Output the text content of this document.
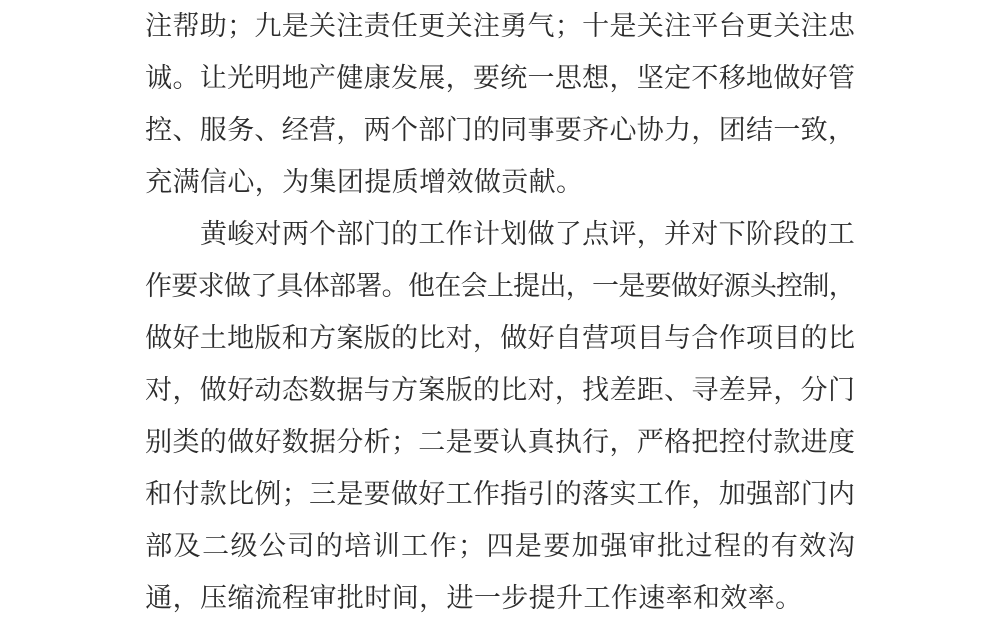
注 帮 助 ； 九 是 关 注 责 任 更 关 注 勇 气 ； 十 是 关 注 平 台 更 关 注 忠
诚 。 让 光 明 地 产 健 康 发 展 ， 要 统 一 思 想 ， 坚 定 不 移 地 做 好 管
控 、 服 务 、 经 营 ， 两 个 部 门 的 同 事 要 齐 心 协 力 ， 团 结 一 致 ，
充 满 信 心 ， 为 集 团 提 质 增 效 做 贡 献 。
黄 峻 对 两 个 部 门 的 工 作 计 划 做 了 点 评 ， 并 对 下 阶 段 的 工
作 要 求 做 了 具 体 部 署 。 他 在 会 上 提 出 ， 一 是 要 做 好 源 头 控 制 ，
做 好 土 地 版 和 方 案 版 的 比 对 ， 做 好 自 营 项 目 与 合 作 项 目 的 比
对 ， 做 好 动 态 数 据 与 方 案 版 的 比 对 ， 找 差 距 、 寻 差 异 ， 分 门
别 类 的 做 好 数 据 分 析 ； 二 是 要 认 真 执 行 ， 严 格 把 控 付 款 进 度
和 付 款 比 例 ； 三 是 要 做 好 工 作 指 引 的 落 实 工 作 ， 加 强 部 门 内
部 及 二 级 公 司 的 培 训 工 作 ； 四 是 要 加 强 审 批 过 程 的 有 效 沟
通 ， 压 缩 流 程 审 批 时 间 ， 进 一 步 提 升 工 作 速 率 和 效 率 。
